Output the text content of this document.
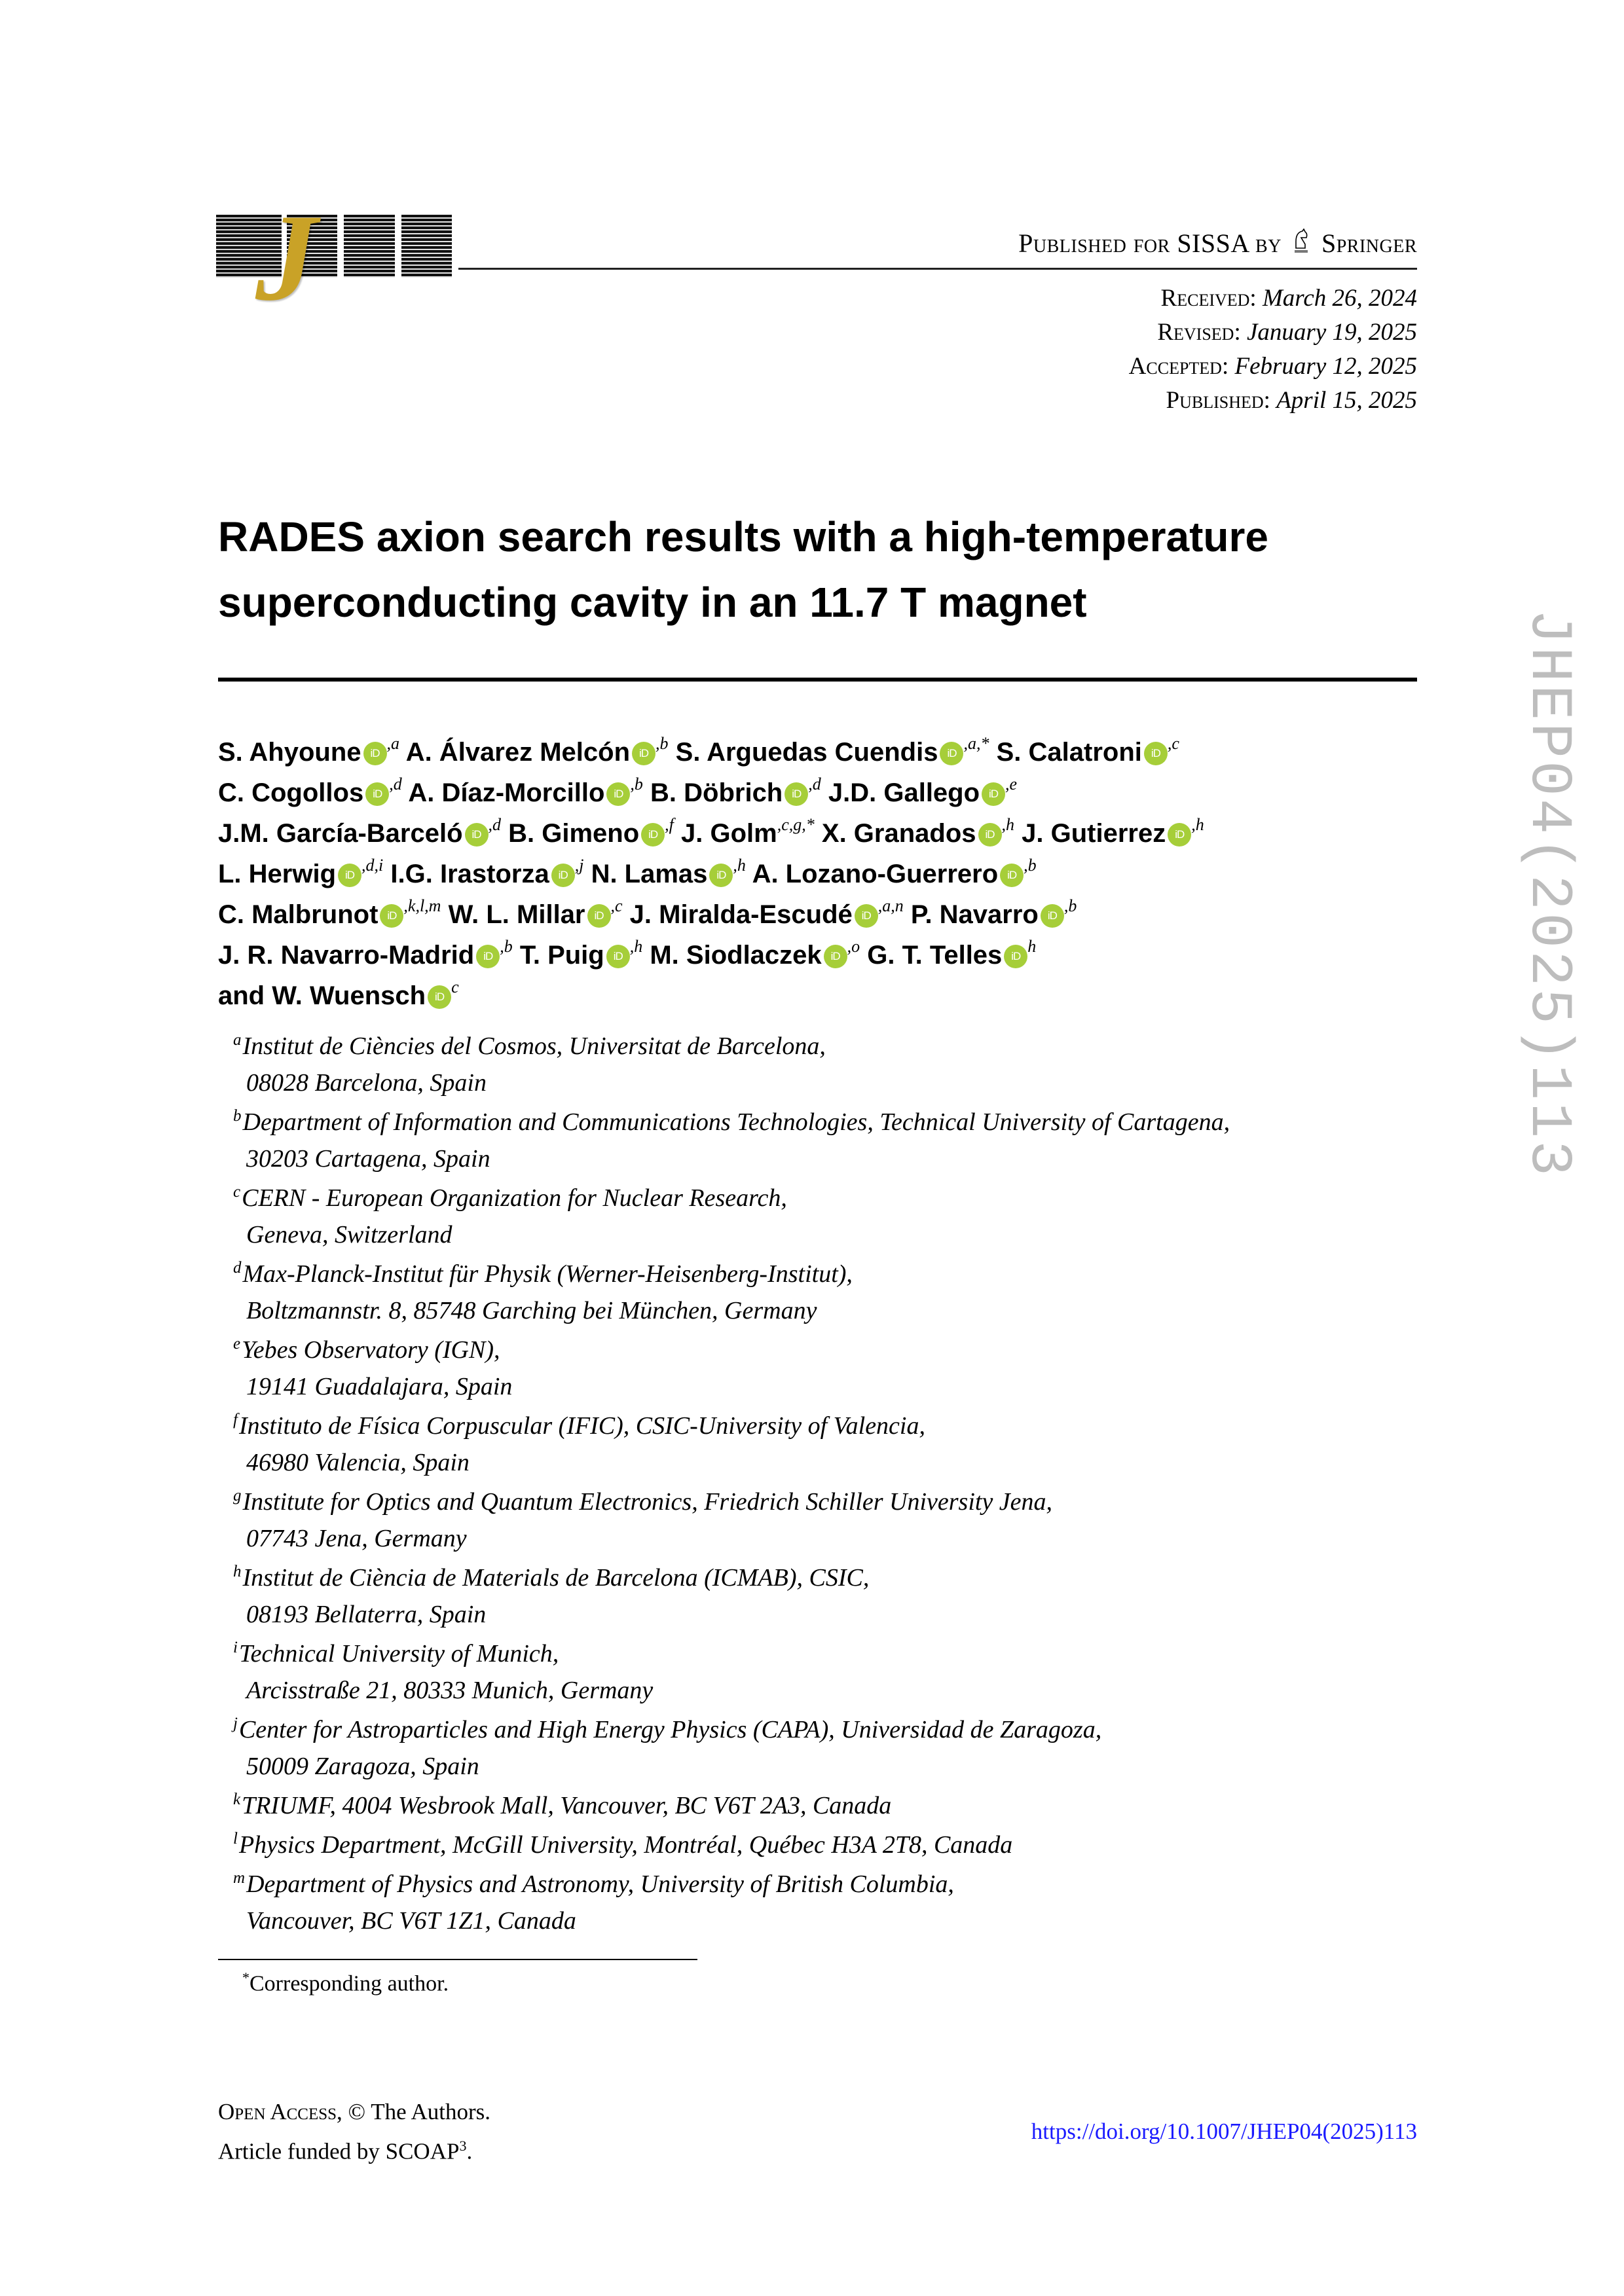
J	Published for SISSA by Springer
Received: March 26, 2024
Revised: January 19, 2025
Accepted: February 12, 2025
Published: April 15, 2025
RADES axion search results with a high-temperature
superconducting cavity in an 11.7 T magnet
S. Ahyoune iD$^{,a}$ A. Álvarez Melcón iD$^{,b}$ S. Arguedas Cuendis iD$^{,a,*}$ S. Calatroni iD$^{,c}$
C. Cogollos iD$^{,d}$ A. Díaz-Morcillo iD$^{,b}$ B. Döbrich iD$^{,d}$ J.D. Gallego iD$^{,e}$
J.M. García-Barceló iD$^{,d}$ B. Gimeno iD$^{,f}$ J. Golm$^{,c,g,*}$ X. Granados iD$^{,h}$ J. Gutierrez iD$^{,h}$
L. Herwig iD$^{,d,i}$ I.G. Irastorza iD$^{,j}$ N. Lamas iD$^{,h}$ A. Lozano-Guerrero iD$^{,b}$
C. Malbrunot iD$^{,k,l,m}$ W. L. Millar iD$^{,c}$ J. Miralda-Escudé iD$^{,a,n}$ P. Navarro iD$^{,b}$
J. R. Navarro-Madrid iD$^{,b}$ T. Puig iD$^{,h}$ M. Siodlaczek iD$^{,o}$ G. T. Telles iD$^h$
and W. Wuensch iD$^c$
$^a$Institut de Ciències del Cosmos, Universitat de Barcelona,
08028 Barcelona, Spain
$^b$Department of Information and Communications Technologies, Technical University of Cartagena,
30203 Cartagena, Spain
$^c$CERN - European Organization for Nuclear Research,
Geneva, Switzerland
$^d$Max-Planck-Institut für Physik (Werner-Heisenberg-Institut),
Boltzmannstr. 8, 85748 Garching bei München, Germany
$^e$Yebes Observatory (IGN),
19141 Guadalajara, Spain
$^f$Instituto de Física Corpuscular (IFIC), CSIC-University of Valencia,
46980 Valencia, Spain
$^g$Institute for Optics and Quantum Electronics, Friedrich Schiller University Jena,
07743 Jena, Germany
$^h$Institut de Ciència de Materials de Barcelona (ICMAB), CSIC,
08193 Bellaterra, Spain
$^i$Technical University of Munich,
Arcisstraße 21, 80333 Munich, Germany
$^j$Center for Astroparticles and High Energy Physics (CAPA), Universidad de Zaragoza,
50009 Zaragoza, Spain
$^k$TRIUMF, 4004 Wesbrook Mall, Vancouver, BC V6T 2A3, Canada
$^l$Physics Department, McGill University, Montréal, Québec H3A 2T8, Canada
$^m$Department of Physics and Astronomy, University of British Columbia,
Vancouver, BC V6T 1Z1, Canada
*Corresponding author.
Open Access, © The Authors.
Article funded by SCOAP$^3$.
https://doi.org/10.1007/JHEP04(2025)113
JHEP04(2025)113
